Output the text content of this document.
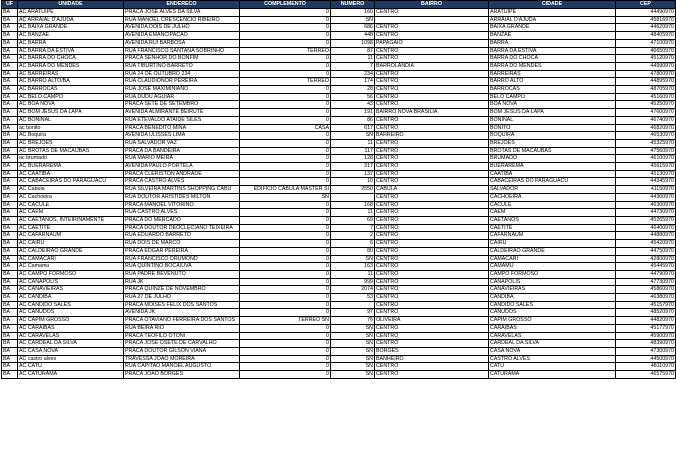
UF	UNIDADE	ENDERECO	COMPLEMENTO	NUMERO	BAIRRO	CIDADE	CEP
BA	AC ARATUIPE	PRACA JOSE ALVES DA SILVA	0	160	CENTRO	ARATUIPE	44490970
BA	AC ARRAIAL D'AJUDA	RUA MANOEL CRESCENCIO RIBEIRO	0	SN		ARRAIAL D'AJUDA	45816970
BA	AC BAIXA GRANDE	AVENIDA DOIS DE JULHO	0	686	CENTRO	BAIXA GRANDE	44620970
BA	AC BANZAÊ	AVENIDA EMANCIPACAO	0	448	CENTRO	BANZAE	48405970
BA	AC BARRA	AVENIDA RUI BARBOSA	0	1098	PAPAGAIO	BARRA	47100970
BA	AC BARRA DA ESTIVA	RUA FRANCISCO SANTANA SOBRINHO	TERREO	87	CENTRO	BARRA DA ESTIVA	46650970
BA	AC BARRA DO CHOCA	PRACA SENHOR DO BONFIM	0	11	CENTRO	BARRA DO CHOCA	45120970
BA	AC BARRA DO MENDES	RUA TIBURTINO BARRETO	0	7	BARROLANDIA	BARRA DO MENDES	44990970
BA	AC BARREIRAS	RUA 24 DE OUTUBRO 234	0	234	CENTRO	BARREIRAS	47800970
BA	AC BARRO ALTO/BA	RUA CLAUDIONOR PEREIRA	TERREO	174	CENTRO	BARRO ALTO	44895970
BA	AC BARROCAS	RUA JOSE MAXIMINIANO	0	28	CENTRO	BARROCAS	48705970
BA	AC BELO CAMPO	RUA DUDU AGUIAR	0	56	CENTRO	BELO CAMPO	45160970
BA	AC BOA NOVA	PRACA SETE DE SETEMBRO	0	43	CENTRO	BOA NOVA	45250970
BA	AC BOM JESUS DA LAPA	AVENIDA ALMIRANTE BEIRUTE	0	191	BAIRRO NOVA BRASILIA	BOM JESUS DA LAPA	47600970
BA	AC BONINAL	RUA ETEVALDO ATAIDE SILES	0	86	CENTRO	BONINAL	46740970
BA	ac bonito	PRACA BENEDITO MINA	CASA	617	CENTRO	BONITO	46820970
BA	AC Boquira	AVENIDA ULISSES LIMA	0	SN	BARREIRO	BOQUIRA	46530970
BA	AC BREJOES	RUA SALVADOR VAZ	0	11	CENTRO	BREJOES	45325970
BA	AC BROTAS DE MACAUBAS	PRACA DA BANDEIRA	0	117	CENTRO	BROTAS DE MACAUBAS	47560970
BA	ac brumado	RUA MARIO MEIRA	0	128	CENTRO	BRUMADO	46100970
BA	AC BUERAREMA	AVENIDA PAULO PORTELA	0	317	CENTRO	BUERAREMA	45615970
BA	AC CAATIBA	PRACA CLERISTON ANDRADE	0	137	CENTRO	CAATIBA	45130970
BA	AC CABACEIRAS DO PARAGUACU	PRACA CASTRO ALVES	0	10	CENTRO	CABACEIRAS DO PARAGUACU	44345970
BA	AC Cabula	RUA SILVEIRA MARTINS SHOPPING CABU	EDIFICIO CABULA MASTER SI	2550	CABULA	SALVADOR	41150970
BA	AC Cachoeira	RUA DOUTOR ARISTIDES MILTON	SN		CENTRO	CACHOEIRA	44300970
BA	AC CACULE	PRACA MANOEL VITORINO	0	168	CENTRO	CACULE	46300970
BA	AC CAEM	RUA CASTRO ALVES	0	11	CENTRO	CAEM	44730970
BA	AC CAETANOS, INTEIRINAMENTE	PRACA DO MERCADO	0	69	CENTRO	CAETANOS	45265970
BA	AC CAETITÉ	PRACA DOUTOR DEOCLECIANO TEIXEIRA	0	7	CENTRO	CAETITE	46400970
BA	AC CAFARNAUM	RUA EDUARDO BARRETO	0	2	CENTRO	CAFARNAUM	44880970
BA	AC CAIRU	RUA DOIS DE MARCO	0	6	CENTRO	CAIRU	45420970
BA	AC CALDEIRÃO GRANDE	PRACA EDGAR PEREIRA	0	80	CENTRO	CALDEIRAO GRANDE	44750970
BA	AC CAMACARI	RUA FRANCISCO DRUMOND	0	SN	CENTRO	CAMACARI	42800970
BA	AC Camamu	RUA QUINTINO BOCAIUVA	0	163	CENTRO	CAMAMU	45445970
BA	AC CAMPO FORMOSO	RUA PADRE BEVENUTO	0	11	CENTRO	CAMPO FORMOSO	44790970
BA	AC CANAPOLIS	RUA JK	0	999	CENTRO	CANAPOLIS	47730970
BA	AC CANAVIEIRAS	PRACA QUINZE DE NOVEMBRO	0	2074	CENTRO	CANAVIEIRAS	45860970
BA	AC CANDIBA	RUA 27 DE JULHO	0	53	CENTRO	CANDIBA	46380970
BA	AC CÂNDIDO SALES	PRACA MOISES FELIX DOS SANTOS	0		CENTRO	CANDIDO SALES	45157970
BA	AC CANUDOS	AVENIDA JK	0	97	CENTRO	CANUDOS	48520970
BA	AC CAPIM GROSSO	PRACA OTAVIANO FERREIRA DOS SANTOS	TERREO SN	76	OLIVEIRA	CAPIM GROSSO	44820970
BA	AC CARAÍBAS	RUA BEIRA RIO	0	SN	CENTRO	CARAIBAS	45177970
BA	AC CARAVELAS	PRACA TEOFILO OTONI	0	SN	CENTRO	CARAVELAS	45900970
BA	AC CARDEAL DA SILVA	PRACA JOSE OSETE DE CARVALHO	0	SN	CENTRO	CARDEAL DA SILVA	48390970
BA	AC CASA NOVA	PRACA DOUTOR GILSON VIANA	0	SN	BORGES	CASA NOVA	47300970
BA	AC castro alves	TRAVESSA JOAO MOREIRA	0	SN	BANHEIRO	CASTRO ALVES	44500970
BA	AC CATU	RUA CAPITAO MANOEL AUGUSTO	0	SN	CENTRO	CATU	48110970
BA	AC CATURAMA	PRACA JOAO BORGES	0	SN	CENTRO	CATURAMA	46575970
